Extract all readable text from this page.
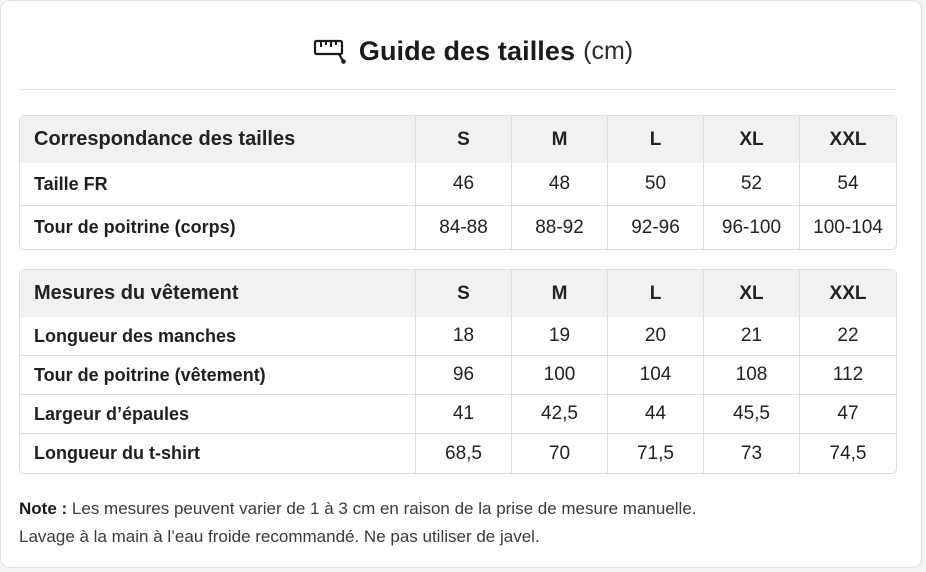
Guide des tailles (cm)
Correspondance des tailles	S	M	L	XL	XXL
Taille FR	46	48	50	52	54
Tour de poitrine (corps)	84-88	88-92	92-96	96-100	100-104
Mesures du vêtement	S	M	L	XL	XXL
Longueur des manches	18	19	20	21	22
Tour de poitrine (vêtement)	96	100	104	108	112
Largeur d’épaules	41	42,5	44	45,5	47
Longueur du t-shirt	68,5	70	71,5	73	74,5
Note : Les mesures peuvent varier de 1 à 3 cm en raison de la prise de mesure manuelle.
Lavage à la main à l’eau froide recommandé. Ne pas utiliser de javel.
